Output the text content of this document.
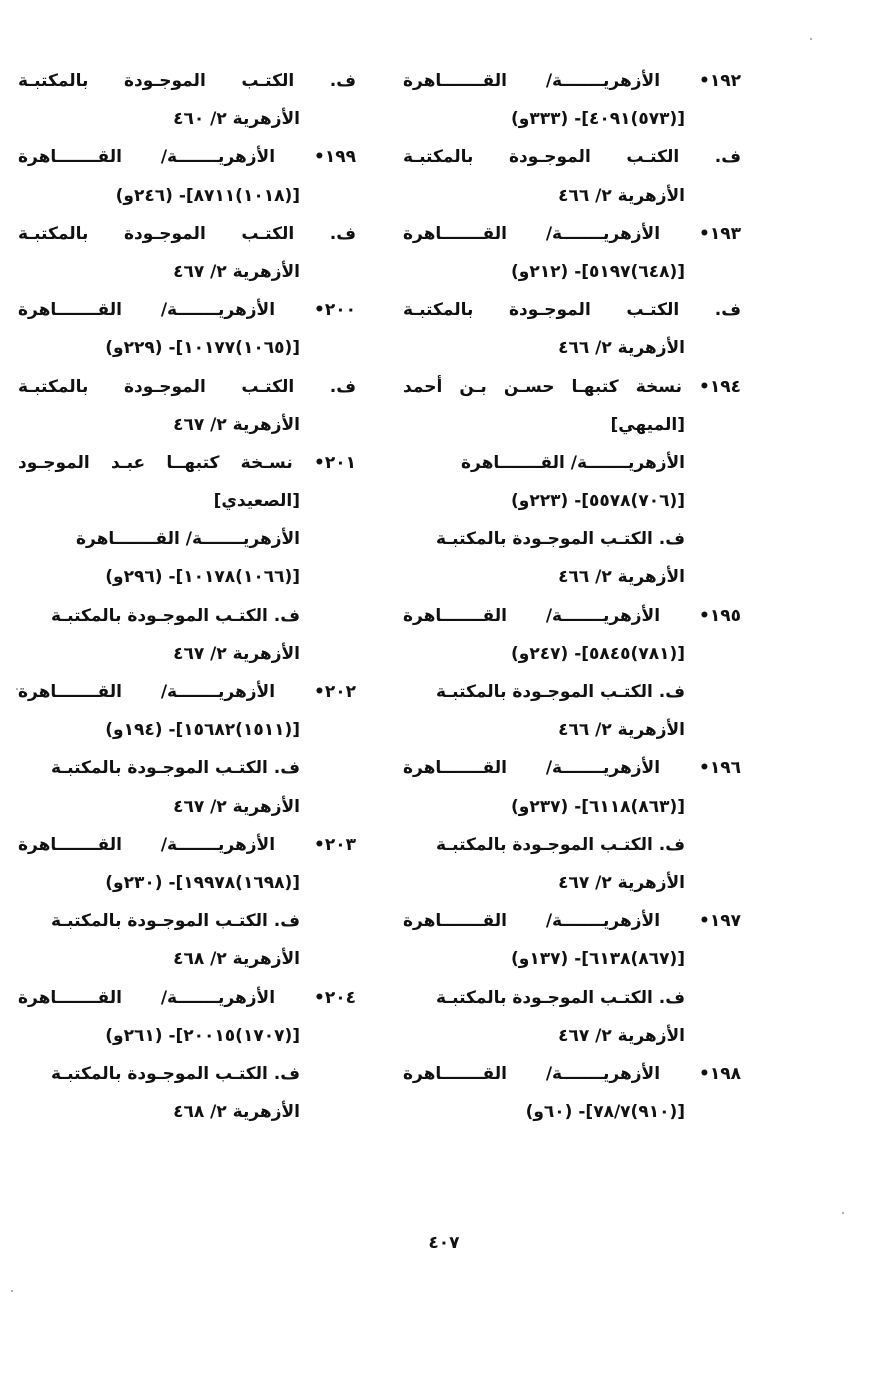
١٩٢• الأزهريـــــــة/ القـــــــاهرة
[(٥٧٣)٤٠٩١]- (٣٣٣و)
ف. الكتـب الموجـودة بالمكتبـة
الأزهرية ٢/ ٤٦٦
١٩٣• الأزهريـــــــة/ القـــــــاهرة
[(٦٤٨)٥١٩٧]- (٢١٢و)
ف. الكتـب الموجـودة بالمكتبـة
الأزهرية ٢/ ٤٦٦
١٩٤• نسخة كتبهـا حسـن بـن أحمد
[الميهي]
الأزهريـــــــة/ القـــــــاهرة
[(٧٠٦)٥٥٧٨]- (٢٢٣و)
ف. الكتـب الموجـودة بالمكتبـة
الأزهرية ٢/ ٤٦٦
١٩٥• الأزهريـــــــة/ القـــــــاهرة
[(٧٨١)٥٨٤٥]- (٢٤٧و)
ف. الكتـب الموجـودة بالمكتبـة
الأزهرية ٢/ ٤٦٦
١٩٦• الأزهريـــــــة/ القـــــــاهرة
[(٨٦٣)٦١١٨]- (٢٣٧و)
ف. الكتـب الموجـودة بالمكتبـة
الأزهرية ٢/ ٤٦٧
١٩٧• الأزهريـــــــة/ القـــــــاهرة
[(٨٦٧)٦١٣٨]- (١٣٧و)
ف. الكتـب الموجـودة بالمكتبـة
الأزهرية ٢/ ٤٦٧
١٩٨• الأزهريـــــــة/ القـــــــاهرة
[(٩١٠)٧٨/٧]- (٦٠و)
ف. الكتـب الموجـودة بالمكتبـة
الأزهرية ٢/ ٤٦٠
١٩٩• الأزهريـــــــة/ القـــــــاهرة
[(١٠١٨)٨٧١١]- (٢٤٦و)
ف. الكتـب الموجـودة بالمكتبـة
الأزهرية ٢/ ٤٦٧
٢٠٠• الأزهريـــــــة/ القـــــــاهرة
[(١٠٦٥)١٠١٧٧]- (٢٢٩و)
ف. الكتـب الموجـودة بالمكتبـة
الأزهرية ٢/ ٤٦٧
٢٠١• نسـخة كتبهــا عبـد الموجـود
[الصعيدي]
الأزهريـــــــة/ القـــــــاهرة
[(١٠٦٦)١٠١٧٨]- (٢٩٦و)
ف. الكتـب الموجـودة بالمكتبـة
الأزهرية ٢/ ٤٦٧
٢٠٢• الأزهريـــــــة/ القـــــــاهرة
[(١٥١١)١٥٦٨٢]- (١٩٤و)
ف. الكتـب الموجـودة بالمكتبـة
الأزهرية ٢/ ٤٦٧
٢٠٣• الأزهريـــــــة/ القـــــــاهرة
[(١٦٩٨)١٩٩٧٨]- (٢٣٠و)
ف. الكتـب الموجـودة بالمكتبـة
الأزهرية ٢/ ٤٦٨
٢٠٤• الأزهريـــــــة/ القـــــــاهرة
[(١٧٠٧)٢٠٠١٥]- (٢٦١و)
ف. الكتـب الموجـودة بالمكتبـة
الأزهرية ٢/ ٤٦٨
٤٠٧
